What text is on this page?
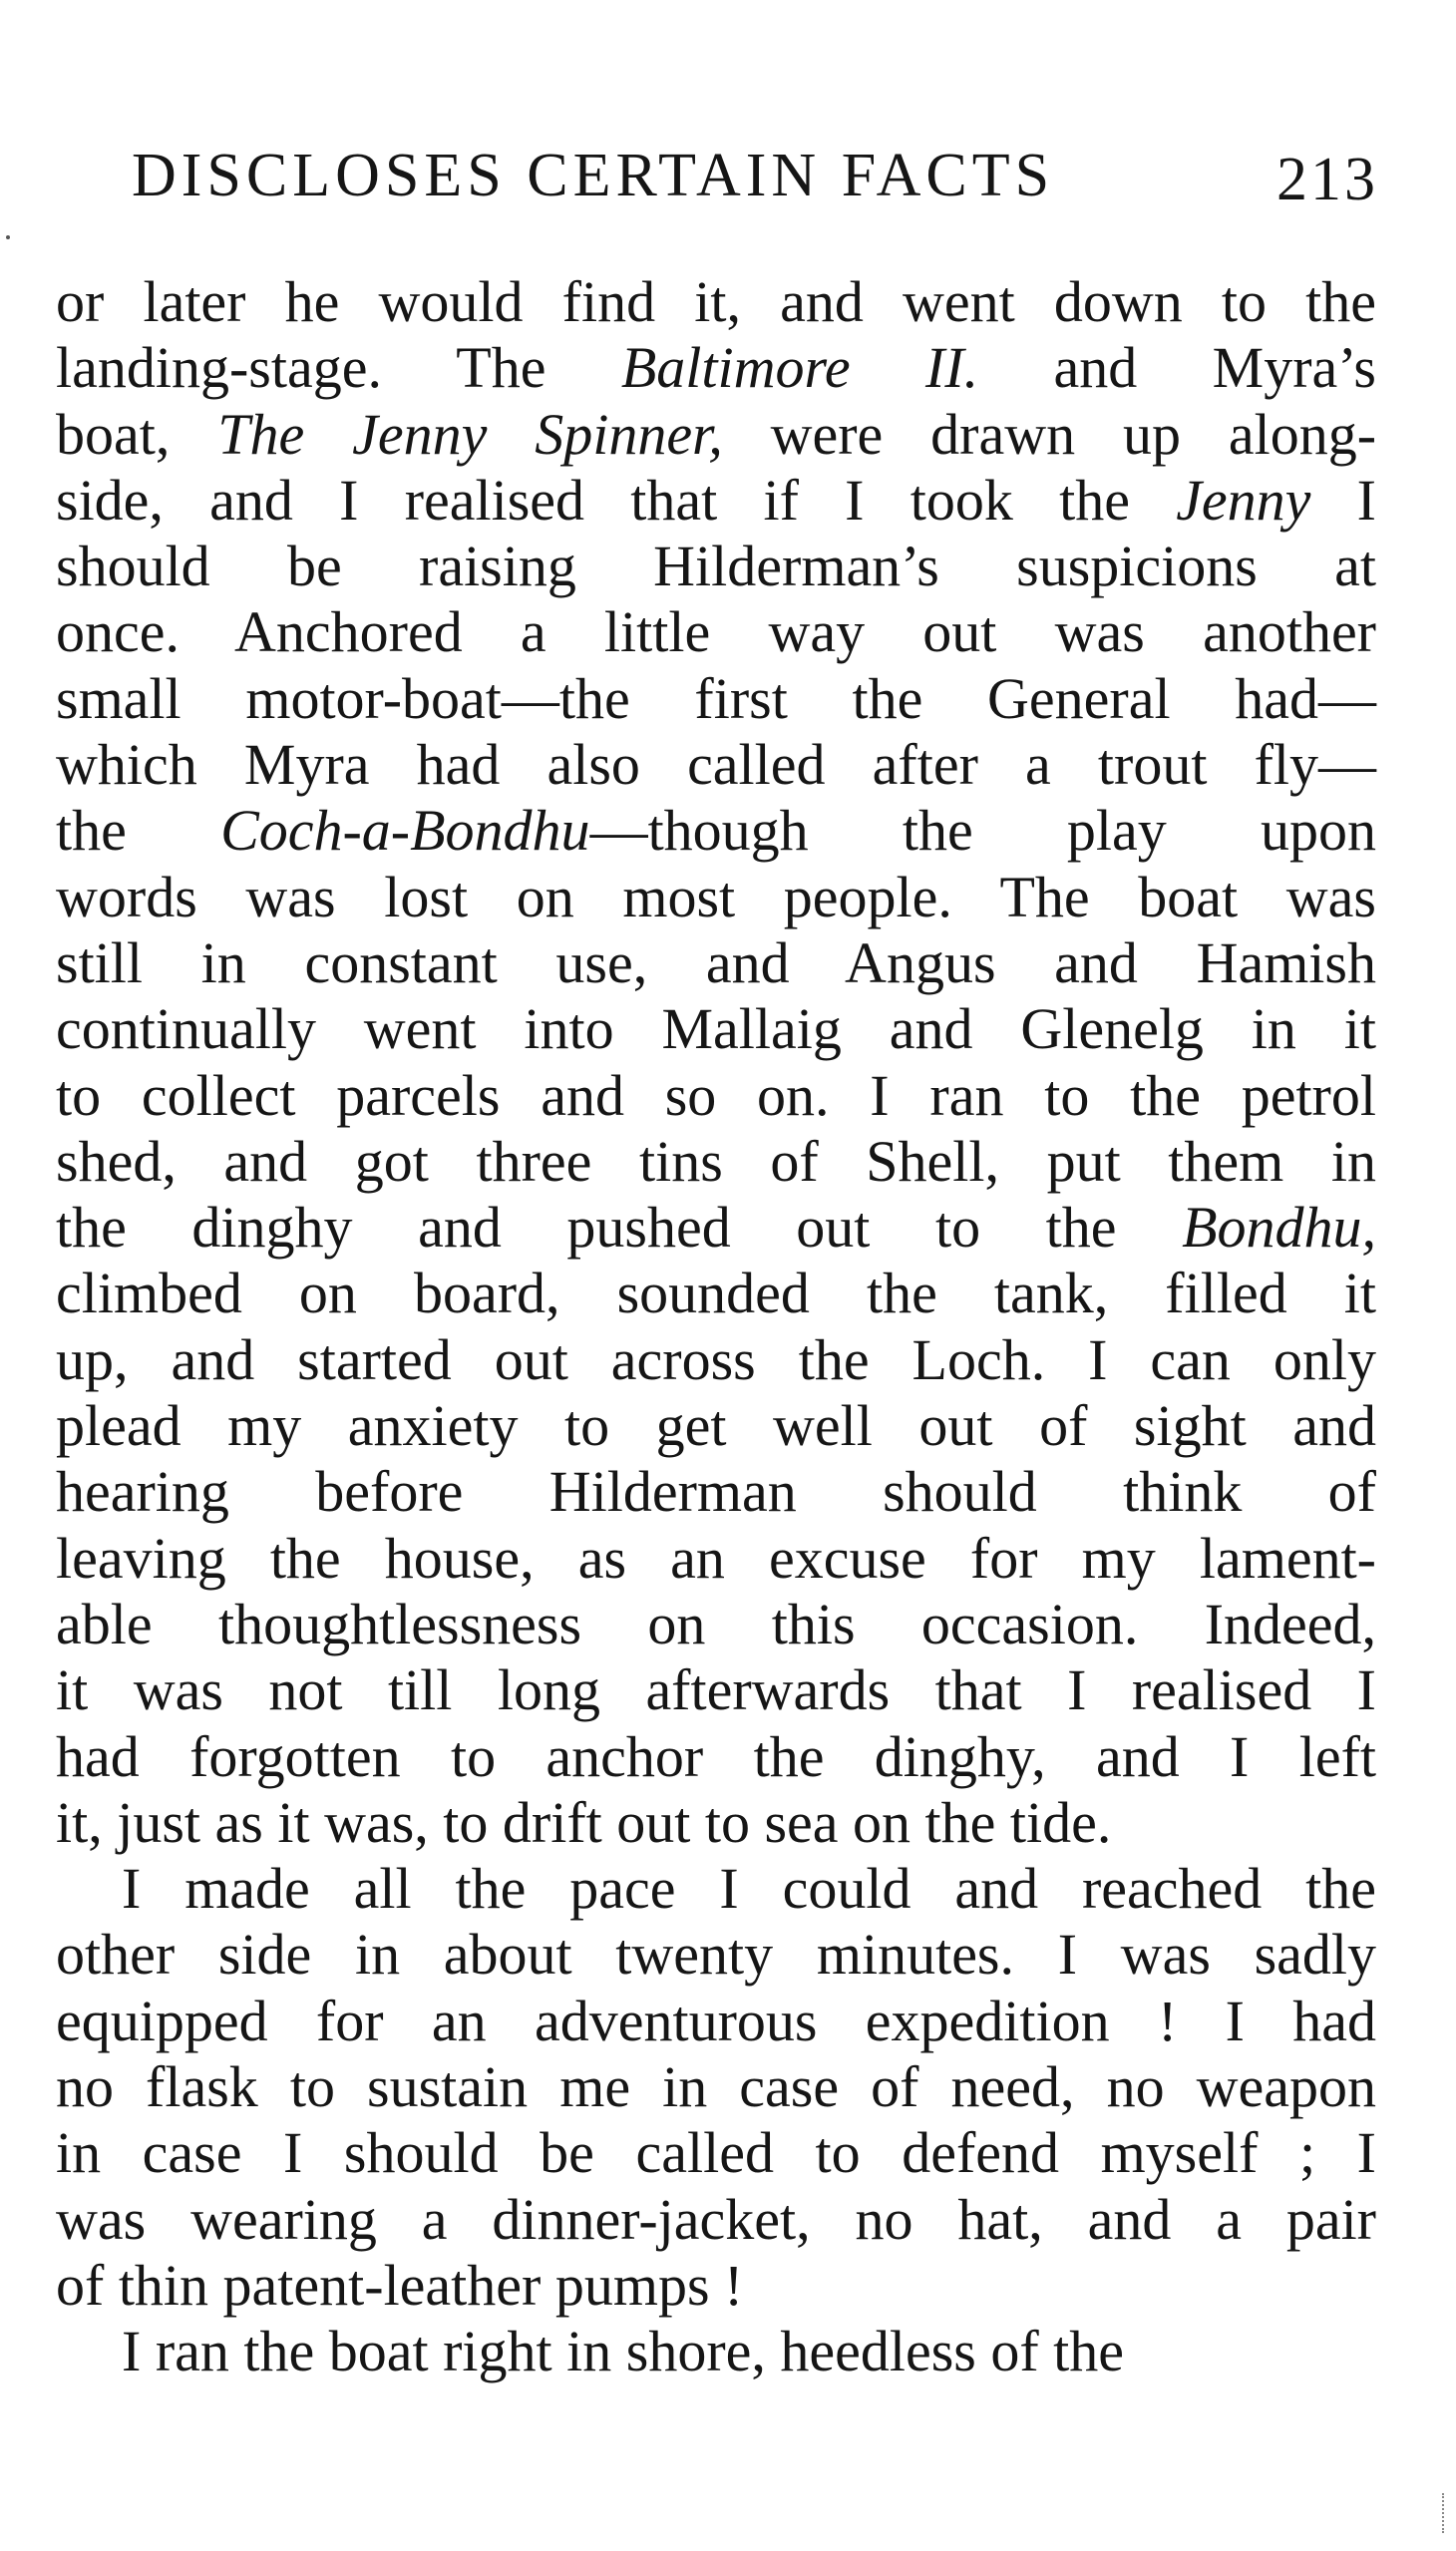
DISCLOSES CERTAIN FACTS	213
or later he would find it, and went down to the
landing-stage. The Baltimore II. and Myra’s
boat, The Jenny Spinner, were drawn up along-
side, and I realised that if I took the Jenny I
should be raising Hilderman’s suspicions at
once. Anchored a little way out was another
small motor-boat—the first the General had—
which Myra had also called after a trout fly—
the Coch-a-Bondhu—though the play upon
words was lost on most people. The boat was
still in constant use, and Angus and Hamish
continually went into Mallaig and Glenelg in it
to collect parcels and so on. I ran to the petrol
shed, and got three tins of Shell, put them in
the dinghy and pushed out to the Bondhu,
climbed on board, sounded the tank, filled it
up, and started out across the Loch. I can only
plead my anxiety to get well out of sight and
hearing before Hilderman should think of
leaving the house, as an excuse for my lament-
able thoughtlessness on this occasion. Indeed,
it was not till long afterwards that I realised I
had forgotten to anchor the dinghy, and I left
it, just as it was, to drift out to sea on the tide.
I made all the pace I could and reached the
other side in about twenty minutes. I was sadly
equipped for an adventurous expedition ! I had
no flask to sustain me in case of need, no weapon
in case I should be called to defend myself ; I
was wearing a dinner-jacket, no hat, and a pair
of thin patent-leather pumps !
I ran the boat right in shore, heedless of the
